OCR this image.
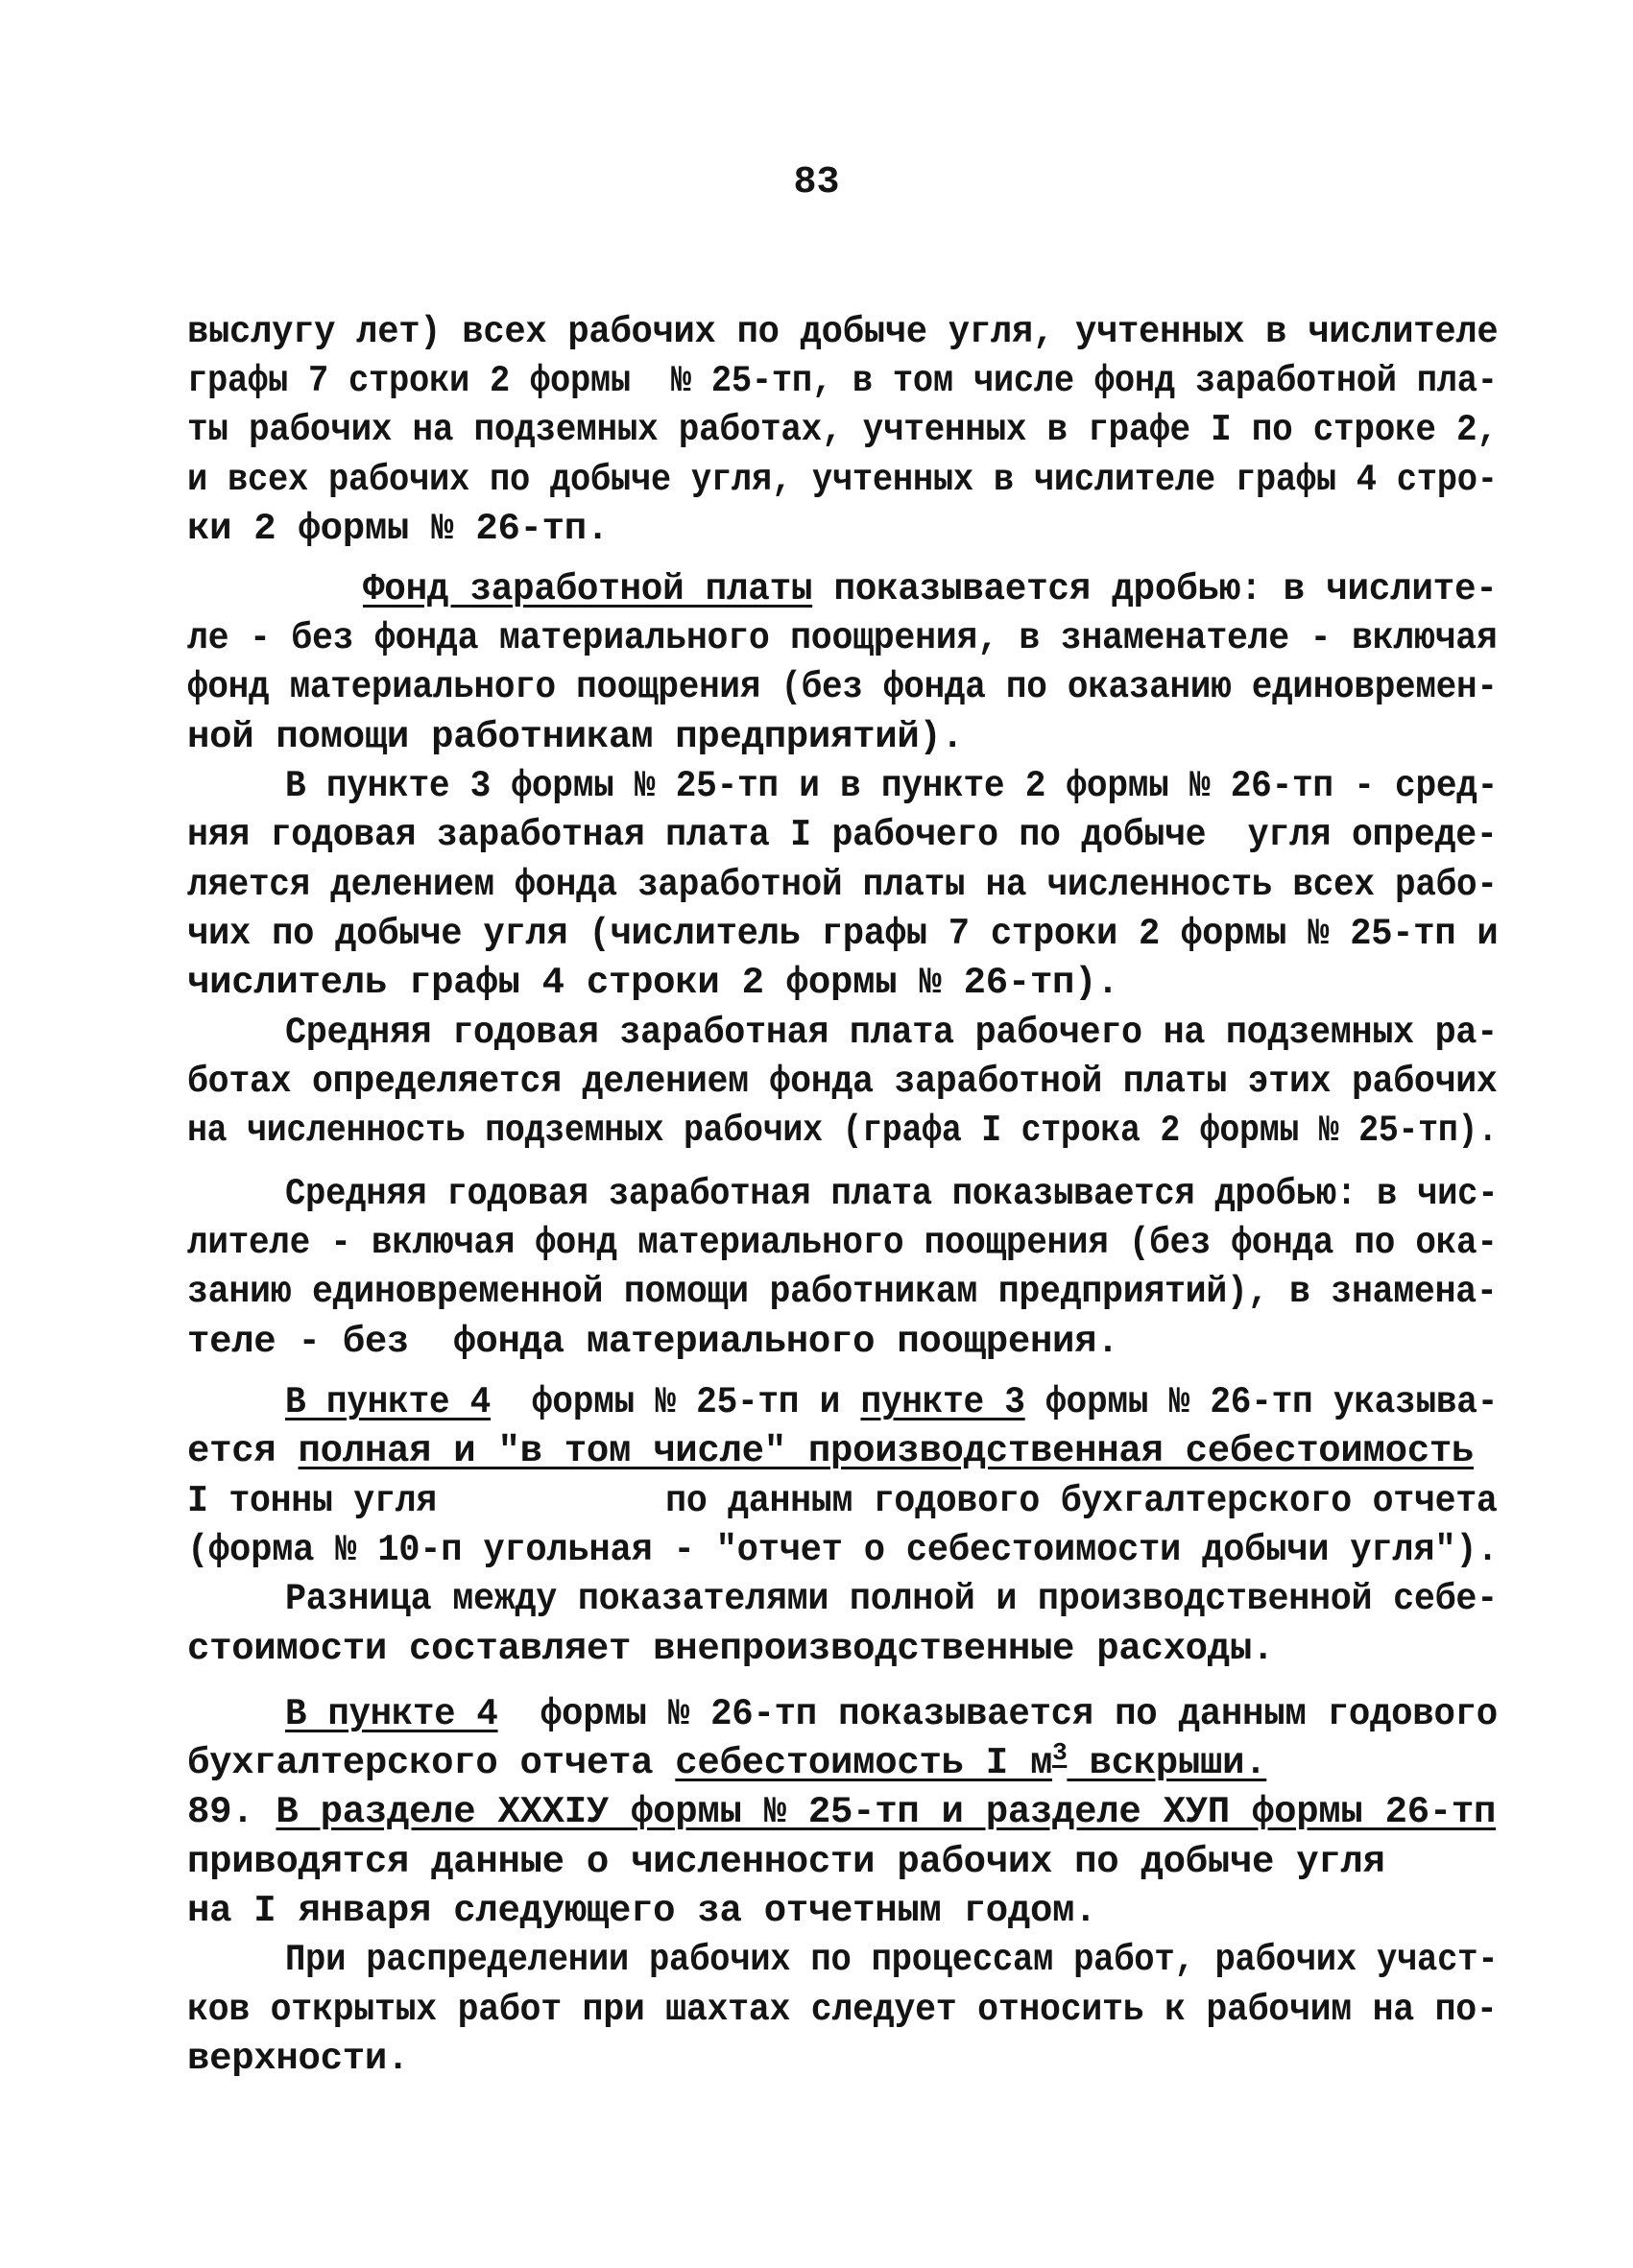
83
выслугу лет) всех рабочих по добыче угля, учтенных в числителе
графы 7 строки 2 формы  № 25-тп, в том числе фонд заработной пла-
ты рабочих на подземных работах, учтенных в графе I по строке 2,
и всех рабочих по добыче угля, учтенных в числителе графы 4 стро-
ки 2 формы № 26-тп.
Фонд заработной платы показывается дробью: в числите-
ле - без фонда материального поощрения, в знаменателе - включая
фонд материального поощрения (без фонда по оказанию единовремен-
ной помощи работникам предприятий).
В пункте 3 формы № 25-тп и в пункте 2 формы № 26-тп - сред-
няя годовая заработная плата I рабочего по добыче  угля опреде-
ляется делением фонда заработной платы на численность всех рабо-
чих по добыче угля (числитель графы 7 строки 2 формы № 25-тп и
числитель графы 4 строки 2 формы № 26-тп).
Средняя годовая заработная плата рабочего на подземных ра-
ботах определяется делением фонда заработной платы этих рабочих
на численность подземных рабочих (графа I строка 2 формы № 25-тп).
Средняя годовая заработная плата показывается дробью: в чис-
лителе - включая фонд материального поощрения (без фонда по ока-
занию единовременной помощи работникам предприятий), в знамена-
теле - без  фонда материального поощрения.
В пункте 4  формы № 25-тп и пункте 3 формы № 26-тп указыва-
ется полная и "в том числе" производственная себестоимость
I тонны угля           по данным годового бухгалтерского отчета
(форма № 10-п угольная - "отчет о себестоимости добычи угля").
Разница между показателями полной и производственной себе-
стоимости составляет внепроизводственные расходы.
В пункте 4  формы № 26-тп показывается по данным годового
бухгалтерского отчета себестоимость I $м^3$ вскрыши.
89. В разделе XXXIУ формы № 25-тп и разделе ХУП формы 26-тп
приводятся данные о численности рабочих по добыче угля
на I января следующего за отчетным годом.
При распределении рабочих по процессам работ, рабочих участ-
ков открытых работ при шахтах следует относить к рабочим на по-
верхности.
